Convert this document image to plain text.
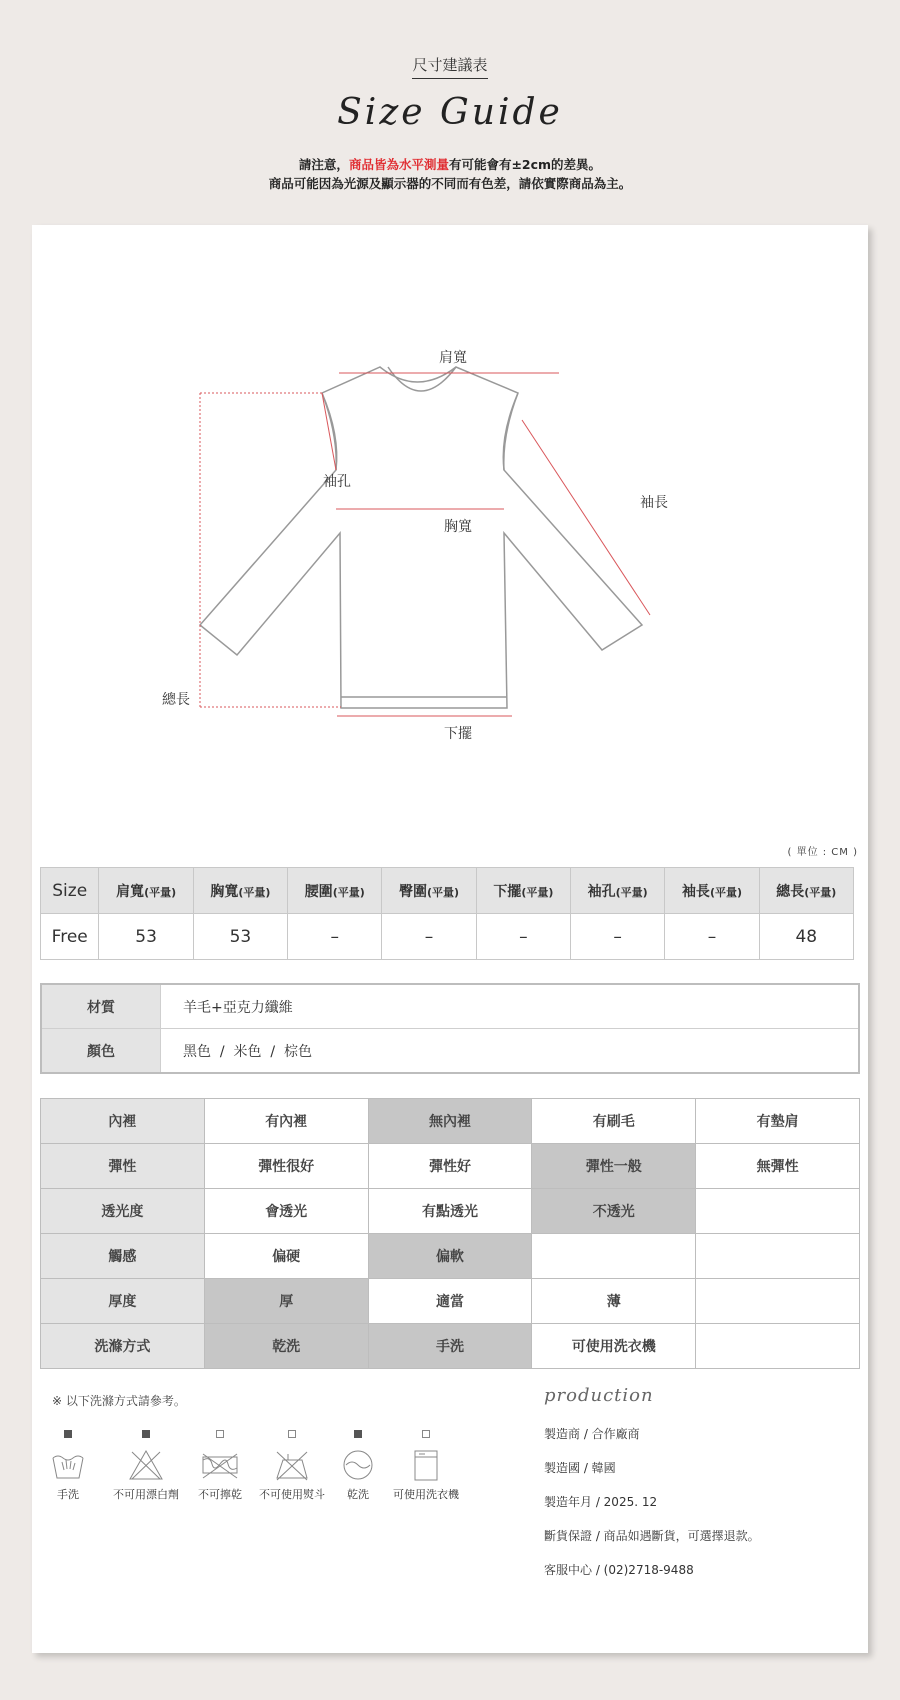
尺寸建議表
Size Guide
請注意，商品皆為水平測量有可能會有±2cm的差異。
商品可能因為光源及顯示器的不同而有色差，請依實際商品為主。
肩寬
袖孔
袖長
胸寬
總長
下擺
( 單位 : CM )
Size	肩寬(平量)	胸寬(平量)	腰圍(平量)	臀圍(平量)	下擺(平量)	袖孔(平量)	袖長(平量)	總長(平量)
Free	53	53	–	–	–	–	–	48
材質	羊毛+亞克力纖維
顏色	黑色  /  米色  /  棕色
內裡	有內裡	無內裡	有刷毛	有墊肩
彈性	彈性很好	彈性好	彈性一般	無彈性
透光度	會透光	有點透光	不透光	
觸感	偏硬	偏軟		
厚度	厚	適當	薄	
洗滌方式	乾洗	手洗	可使用洗衣機	
※ 以下洗滌方式請參考。
手洗	不可用漂白劑	不可擰乾	不可使用熨斗	乾洗	可使用洗衣機
production
製造商 / 合作廠商
製造國 / 韓國
製造年月 / 2025. 12
斷貨保證 / 商品如遇斷貨，可選擇退款。
客服中心 / (02)2718-9488
